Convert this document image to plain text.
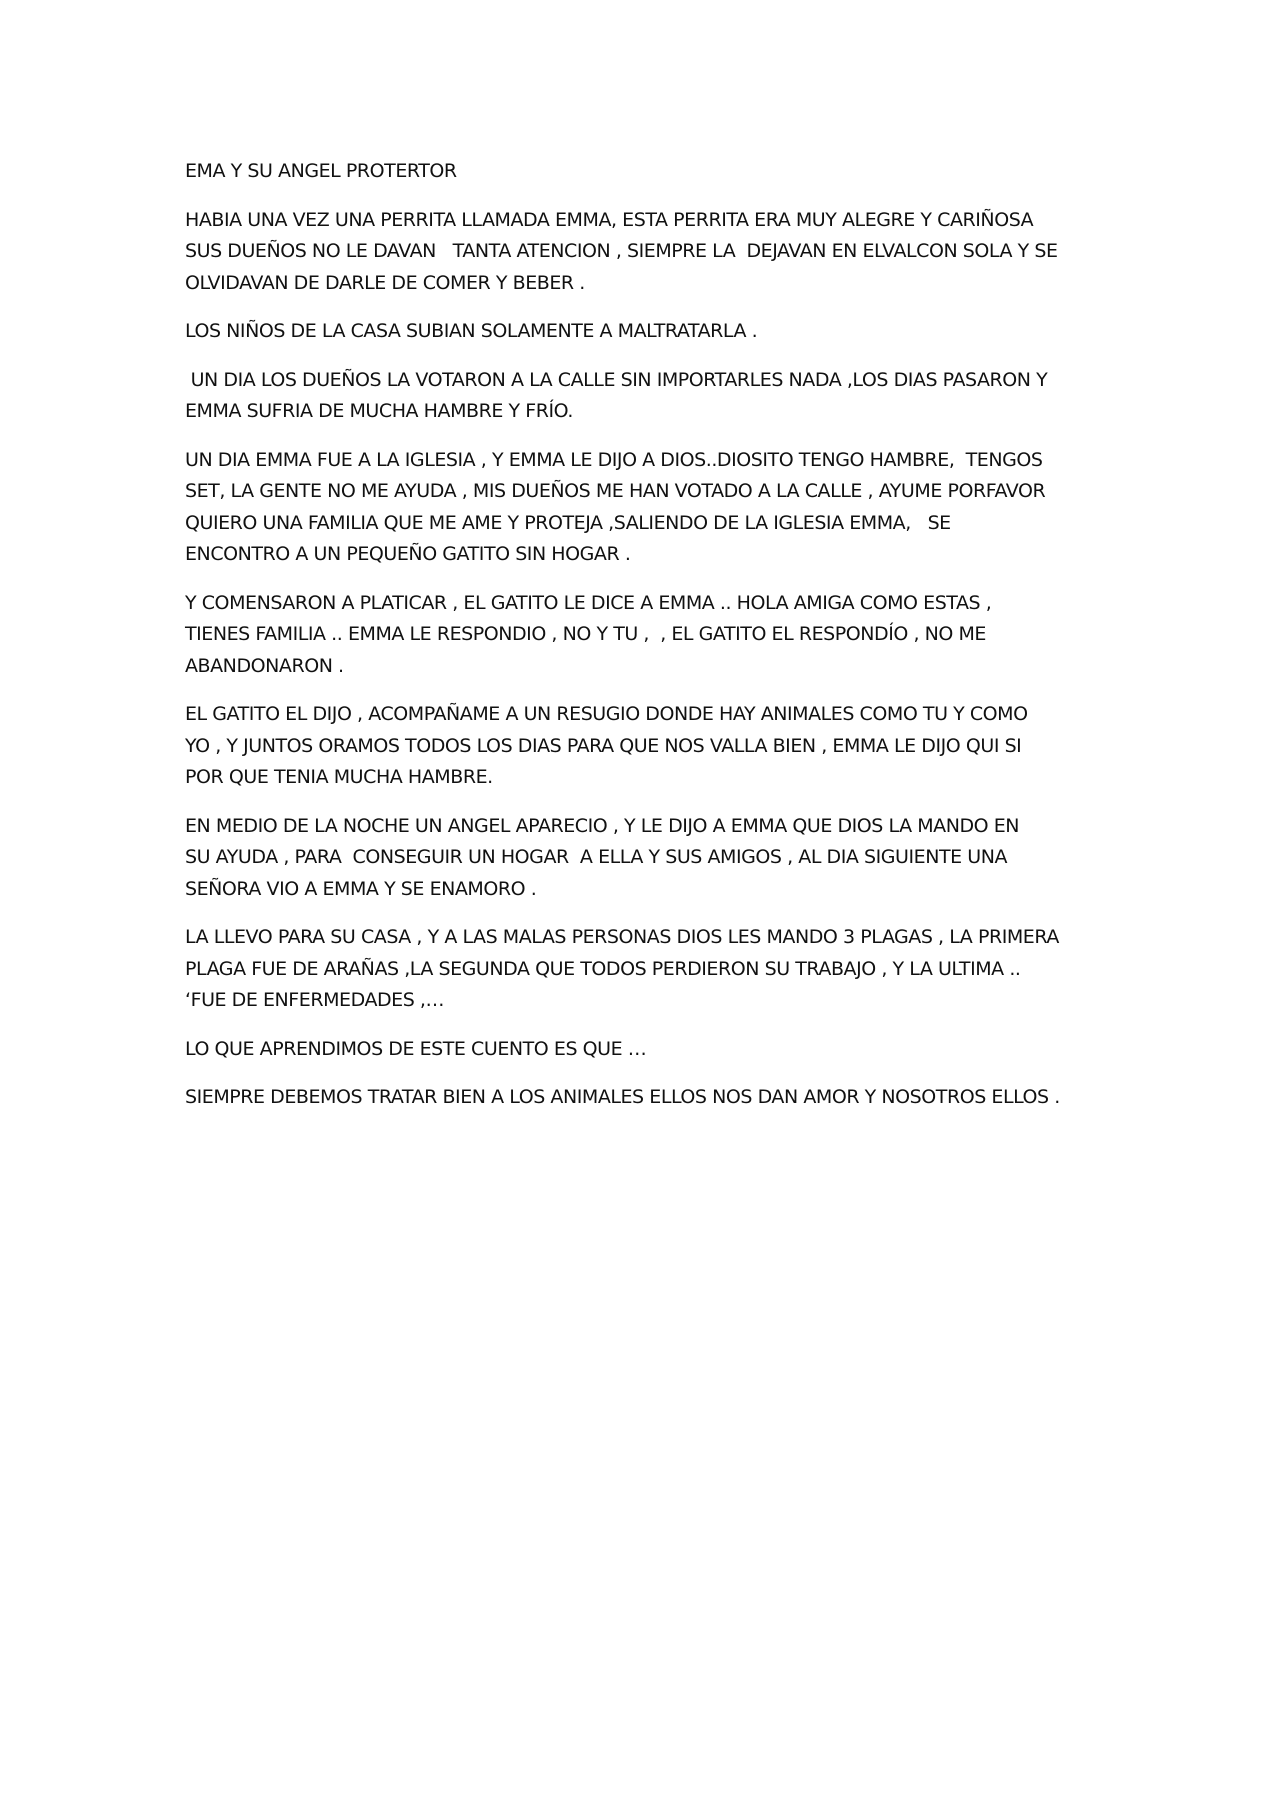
EMA Y SU ANGEL PROTERTOR

HABIA UNA VEZ UNA PERRITA LLAMADA EMMA, ESTA PERRITA ERA MUY ALEGRE Y CARIÑOSA
SUS DUEÑOS NO LE DAVAN   TANTA ATENCION , SIEMPRE LA  DEJAVAN EN ELVALCON SOLA Y SE
OLVIDAVAN DE DARLE DE COMER Y BEBER .

LOS NIÑOS DE LA CASA SUBIAN SOLAMENTE A MALTRATARLA .

UN DIA LOS DUEÑOS LA VOTARON A LA CALLE SIN IMPORTARLES NADA ,LOS DIAS PASARON Y
EMMA SUFRIA DE MUCHA HAMBRE Y FRÍO.

UN DIA EMMA FUE A LA IGLESIA , Y EMMA LE DIJO A DIOS..DIOSITO TENGO HAMBRE,  TENGOS
SET, LA GENTE NO ME AYUDA , MIS DUEÑOS ME HAN VOTADO A LA CALLE , AYUME PORFAVOR
QUIERO UNA FAMILIA QUE ME AME Y PROTEJA ,SALIENDO DE LA IGLESIA EMMA,   SE
ENCONTRO A UN PEQUEÑO GATITO SIN HOGAR .

Y COMENSARON A PLATICAR , EL GATITO LE DICE A EMMA .. HOLA AMIGA COMO ESTAS ,
TIENES FAMILIA .. EMMA LE RESPONDIO , NO Y TU ,  , EL GATITO EL RESPONDÍO , NO ME
ABANDONARON .

EL GATITO EL DIJO , ACOMPAÑAME A UN RESUGIO DONDE HAY ANIMALES COMO TU Y COMO
YO , Y JUNTOS ORAMOS TODOS LOS DIAS PARA QUE NOS VALLA BIEN , EMMA LE DIJO QUI SI
POR QUE TENIA MUCHA HAMBRE.

EN MEDIO DE LA NOCHE UN ANGEL APARECIO , Y LE DIJO A EMMA QUE DIOS LA MANDO EN
SU AYUDA , PARA  CONSEGUIR UN HOGAR  A ELLA Y SUS AMIGOS , AL DIA SIGUIENTE UNA
SEÑORA VIO A EMMA Y SE ENAMORO .

LA LLEVO PARA SU CASA , Y A LAS MALAS PERSONAS DIOS LES MANDO 3 PLAGAS , LA PRIMERA
PLAGA FUE DE ARAÑAS ,LA SEGUNDA QUE TODOS PERDIERON SU TRABAJO , Y LA ULTIMA ..
‘FUE DE ENFERMEDADES ,…

LO QUE APRENDIMOS DE ESTE CUENTO ES QUE …

SIEMPRE DEBEMOS TRATAR BIEN A LOS ANIMALES ELLOS NOS DAN AMOR Y NOSOTROS ELLOS .
